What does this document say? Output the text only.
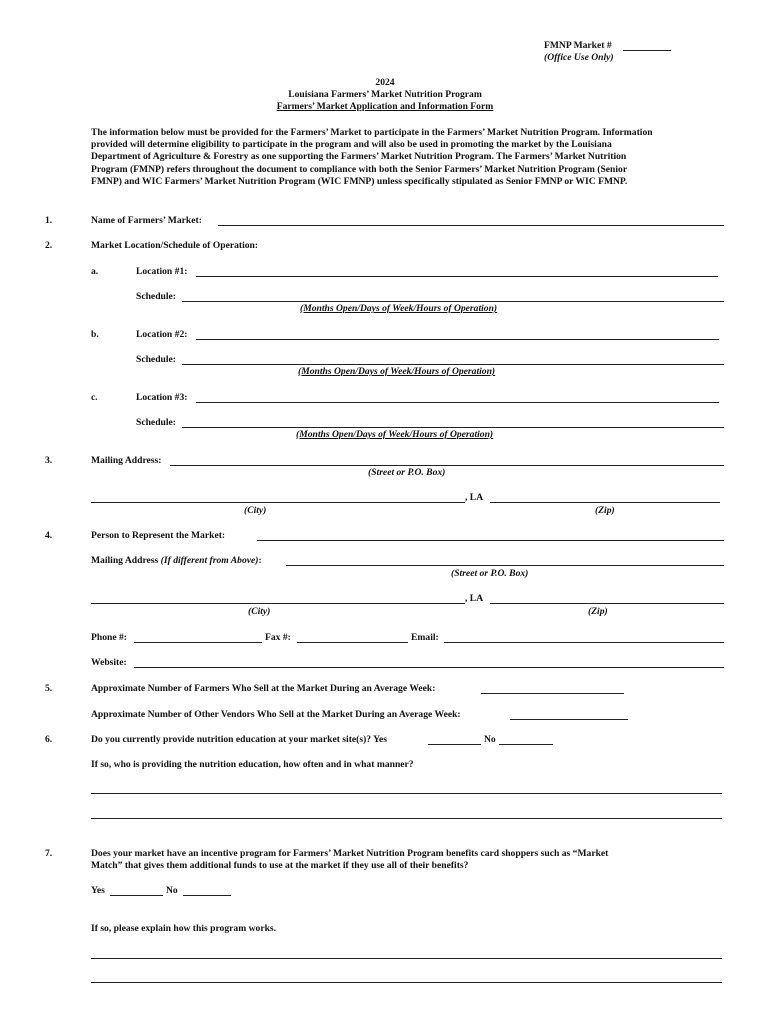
FMNP Market #
(Office Use Only)
2024
Louisiana Farmers’ Market Nutrition Program
Farmers’ Market Application and Information Form
The information below must be provided for the Farmers’ Market to participate in the Farmers’ Market Nutrition Program. Information
provided will determine eligibility to participate in the program and will also be used in promoting the market by the Louisiana
Department of Agriculture & Forestry as one supporting the Farmers’ Market Nutrition Program. The Farmers’ Market Nutrition
Program (FMNP) refers throughout the document to compliance with both the Senior Farmers’ Market Nutrition Program (Senior
FMNP) and WIC Farmers’ Market Nutrition Program (WIC FMNP) unless specifically stipulated as Senior FMNP or WIC FMNP.
1.	Name of Farmers’ Market:
2.	Market Location/Schedule of Operation:
a.	Location #1:
Schedule:
(Months Open/Days of Week/Hours of Operation)
b.	Location #2:
Schedule:
(Months Open/Days of Week/Hours of Operation)
c.	Location #3:
Schedule:
(Months Open/Days of Week/Hours of Operation)
3.	Mailing Address:
(Street or P.O. Box)
, LA
(City)	(Zip)
4.	Person to Represent the Market:
Mailing Address (If different from Above):
(Street or P.O. Box)
, LA
(City)	(Zip)
Phone #:	Fax #:	Email:
Website:
5.	Approximate Number of Farmers Who Sell at the Market During an Average Week:
Approximate Number of Other Vendors Who Sell at the Market During an Average Week:
6.	Do you currently provide nutrition education at your market site(s)? Yes	No
If so, who is providing the nutrition education, how often and in what manner?
7.	Does your market have an incentive program for Farmers’ Market Nutrition Program benefits card shoppers such as “Market
Match” that gives them additional funds to use at the market if they use all of their benefits?
Yes	No
If so, please explain how this program works.
